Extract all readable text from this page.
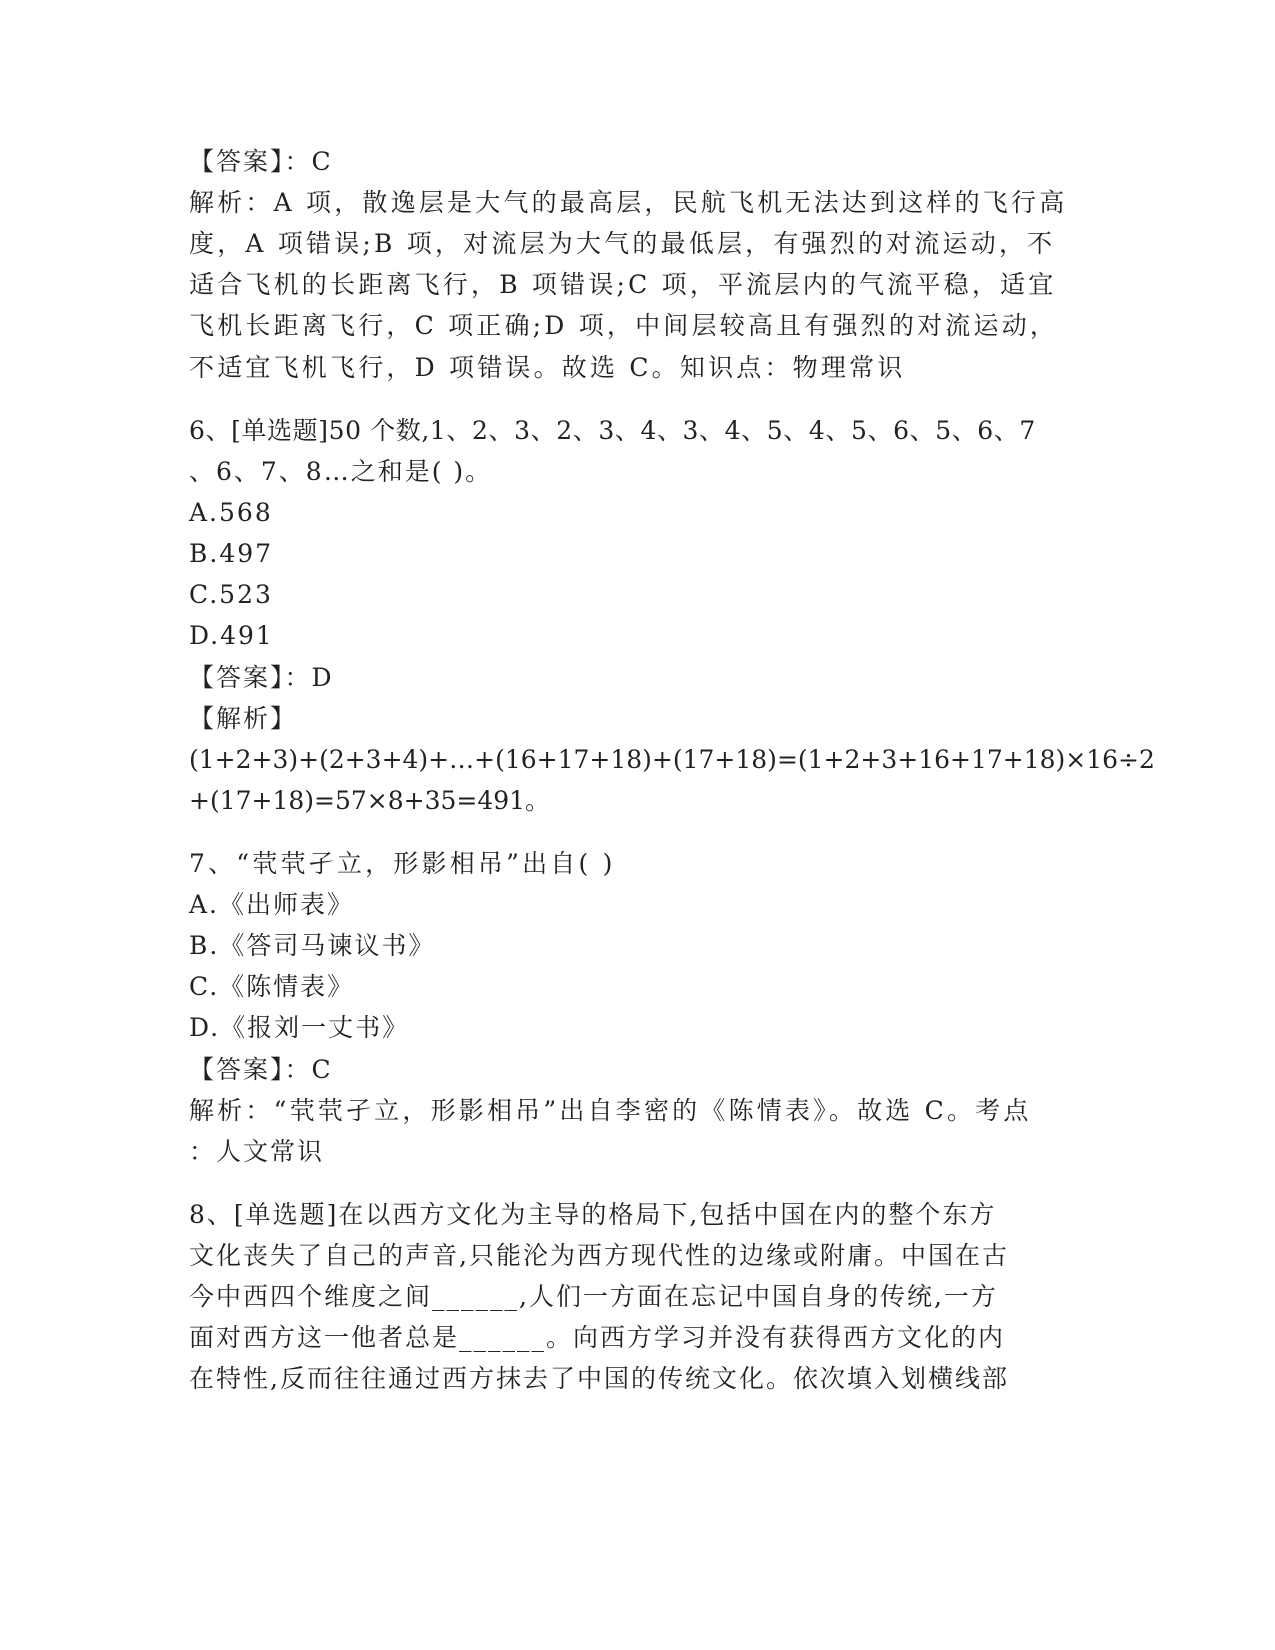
【答案】：C
解析：A 项，散逸层是大气的最高层，民航飞机无法达到这样的飞行高
度，A 项错误;B 项，对流层为大气的最低层，有强烈的对流运动，不
适合飞机的长距离飞行，B 项错误;C 项，平流层内的气流平稳，适宜
飞机长距离飞行，C 项正确;D 项，中间层较高且有强烈的对流运动，
不适宜飞机飞行，D 项错误。故选 C。知识点：物理常识
6、[单选题]50 个数,1、2、3、2、3、4、3、4、5、4、5、6、5、6、7
、6、7、8…之和是( )。
A.568
B.497
C.523
D.491
【答案】：D
【解析】
(1+2+3)+(2+3+4)+…+(16+17+18)+(17+18)=(1+2+3+16+17+18)×16÷2
+(17+18)=57×8+35=491。
7、“茕茕孑立，形影相吊”出自( )
A.《出师表》
B.《答司马谏议书》
C.《陈情表》
D.《报刘一丈书》
【答案】：C
解析：“茕茕孑立，形影相吊”出自李密的《陈情表》。故选 C。考点
：人文常识
8、[单选题]在以西方文化为主导的格局下,包括中国在内的整个东方
文化丧失了自己的声音,只能沦为西方现代性的边缘或附庸。中国在古
今中西四个维度之间______,人们一方面在忘记中国自身的传统,一方
面对西方这一他者总是______。向西方学习并没有获得西方文化的内
在特性,反而往往通过西方抹去了中国的传统文化。依次填入划横线部
